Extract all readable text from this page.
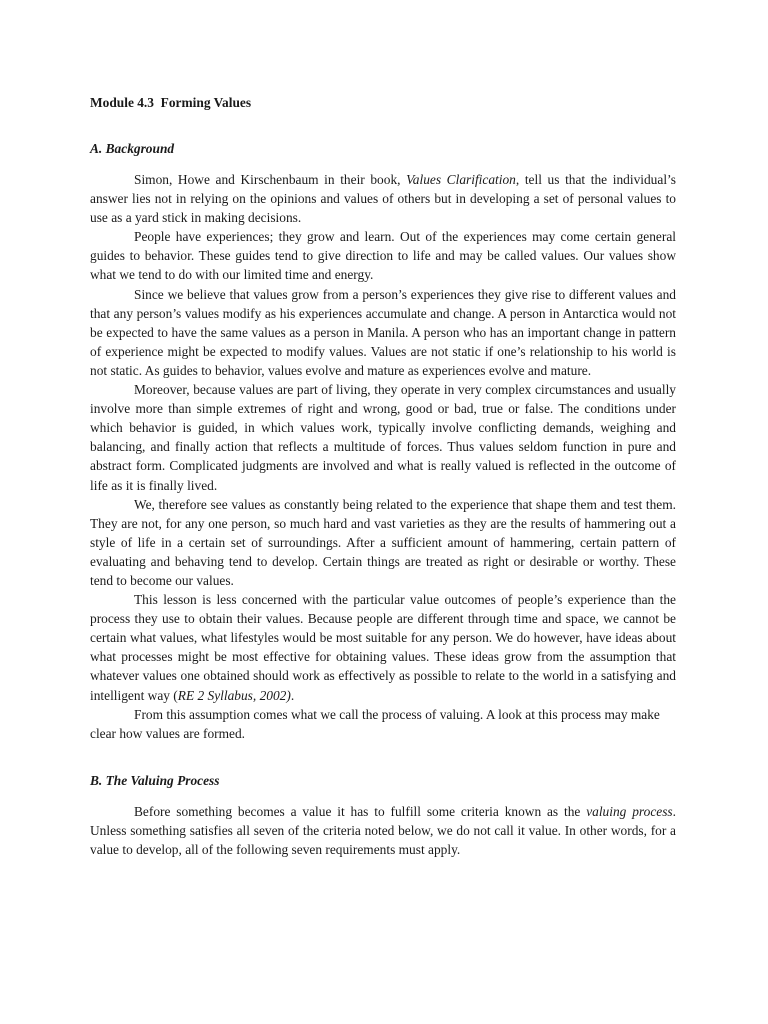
Module 4.3  Forming Values

A. Background

Simon, Howe and Kirschenbaum in their book, Values Clarification, tell us that the individual’s answer lies not in relying on the opinions and values of others but in developing a set of personal values to use as a yard stick in making decisions.

People have experiences; they grow and learn. Out of the experiences may come certain general guides to behavior. These guides tend to give direction to life and may be called values. Our values show what we tend to do with our limited time and energy.

Since we believe that values grow from a person’s experiences they give rise to different values and that any person’s values modify as his experiences accumulate and change. A person in Antarctica would not be expected to have the same values as a person in Manila. A person who has an important change in pattern of experience might be expected to modify values. Values are not static if one’s relationship to his world is not static. As guides to behavior, values evolve and mature as experiences evolve and mature.

Moreover, because values are part of living, they operate in very complex circumstances and usually involve more than simple extremes of right and wrong, good or bad, true or false. The conditions under which behavior is guided, in which values work, typically involve conflicting demands, weighing and balancing, and finally action that reflects a multitude of forces. Thus values seldom function in pure and abstract form. Complicated judgments are involved and what is really valued is reflected in the outcome of life as it is finally lived.

We, therefore see values as constantly being related to the experience that shape them and test them. They are not, for any one person, so much hard and vast varieties as they are the results of hammering out a style of life in a certain set of surroundings. After a sufficient amount of hammering, certain pattern of evaluating and behaving tend to develop. Certain things are treated as right or desirable or worthy. These tend to become our values.

This lesson is less concerned with the particular value outcomes of people’s experience than the process they use to obtain their values. Because people are different through time and space, we cannot be certain what values, what lifestyles would be most suitable for any person. We do however, have ideas about what processes might be most effective for obtaining values. These ideas grow from the assumption that whatever values one obtained should work as effectively as possible to relate to the world in a satisfying and intelligent way (RE 2 Syllabus, 2002).

From this assumption comes what we call the process of valuing. A look at this process may make clear how values are formed.

B. The Valuing Process

Before something becomes a value it has to fulfill some criteria known as the valuing process. Unless something satisfies all seven of the criteria noted below, we do not call it value. In other words, for a value to develop, all of the following seven requirements must apply.
